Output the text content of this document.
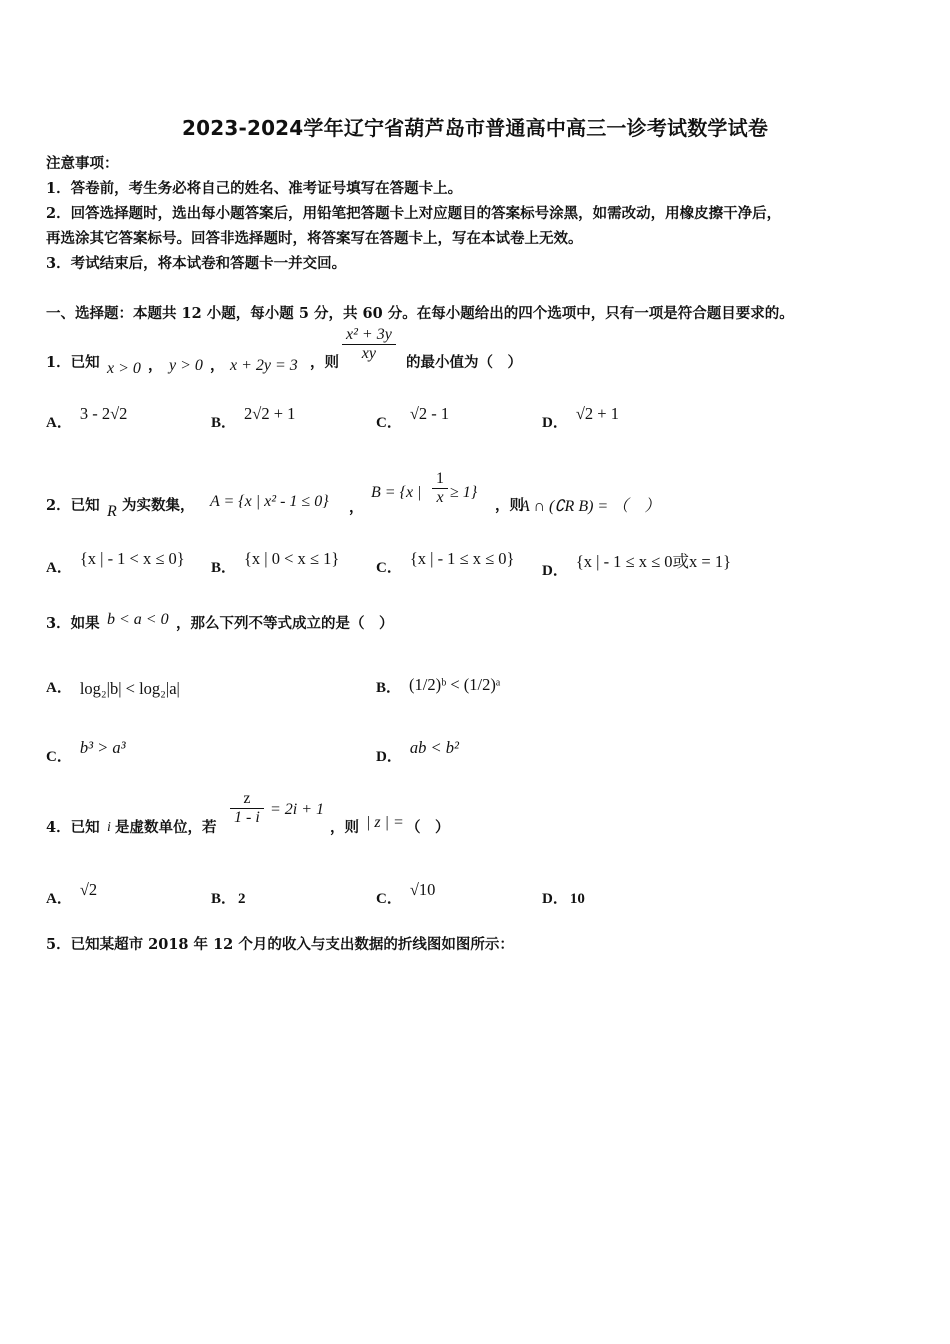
2023-2024学年辽宁省葫芦岛市普通高中高三一诊考试数学试卷
注意事项：
1．答卷前，考生务必将自己的姓名、准考证号填写在答题卡上。
2．回答选择题时，选出每小题答案后，用铅笔把答题卡上对应题目的答案标号涂黑，如需改动，用橡皮擦干净后，
再选涂其它答案标号。回答非选择题时，将答案写在答题卡上，写在本试卷上无效。
3．考试结束后，将本试卷和答题卡一并交回。
一、选择题：本题共 12 小题，每小题 5 分，共 60 分。在每小题给出的四个选项中，只有一项是符合题目要求的。
1．已知 x > 0 ， y > 0 ， x + 2y = 3 ，则 $\frac{\text{x² + 3y}}{xy}$ 的最小值为（　）
A． 3 - 2√2	B． 2√2 + 1	C． √2 - 1	D． √2 + 1
2．已知 R 为实数集， A = {x | x² - 1 ≤ 0} ，
B = {x | $\frac{1}{x} \ge 1$}
，则
A ∩ (∁R B) = （　）
A． {x | - 1 < x ≤ 0} B． {x | 0 < x ≤ 1} C． {x | - 1 ≤ x ≤ 0}
D． {x | - 1 ≤ x ≤ 0或x = 1}
3．如果 b < a < 0 ，那么下列不等式成立的是（　）
A． log₂|b| < log₂|a|	B． (1/2)ᵇ < (1/2)ᵃ
C． b³ > a³	D． ab < b²
4．已知 i 是虚数单位，若
$\frac{z}{1 - i} = 2i + 1$
，则 | z | = （　）
A． √2	B． 2	C． √10	D． 10
5．已知某超市 2018 年 12 个月的收入与支出数据的折线图如图所示：
